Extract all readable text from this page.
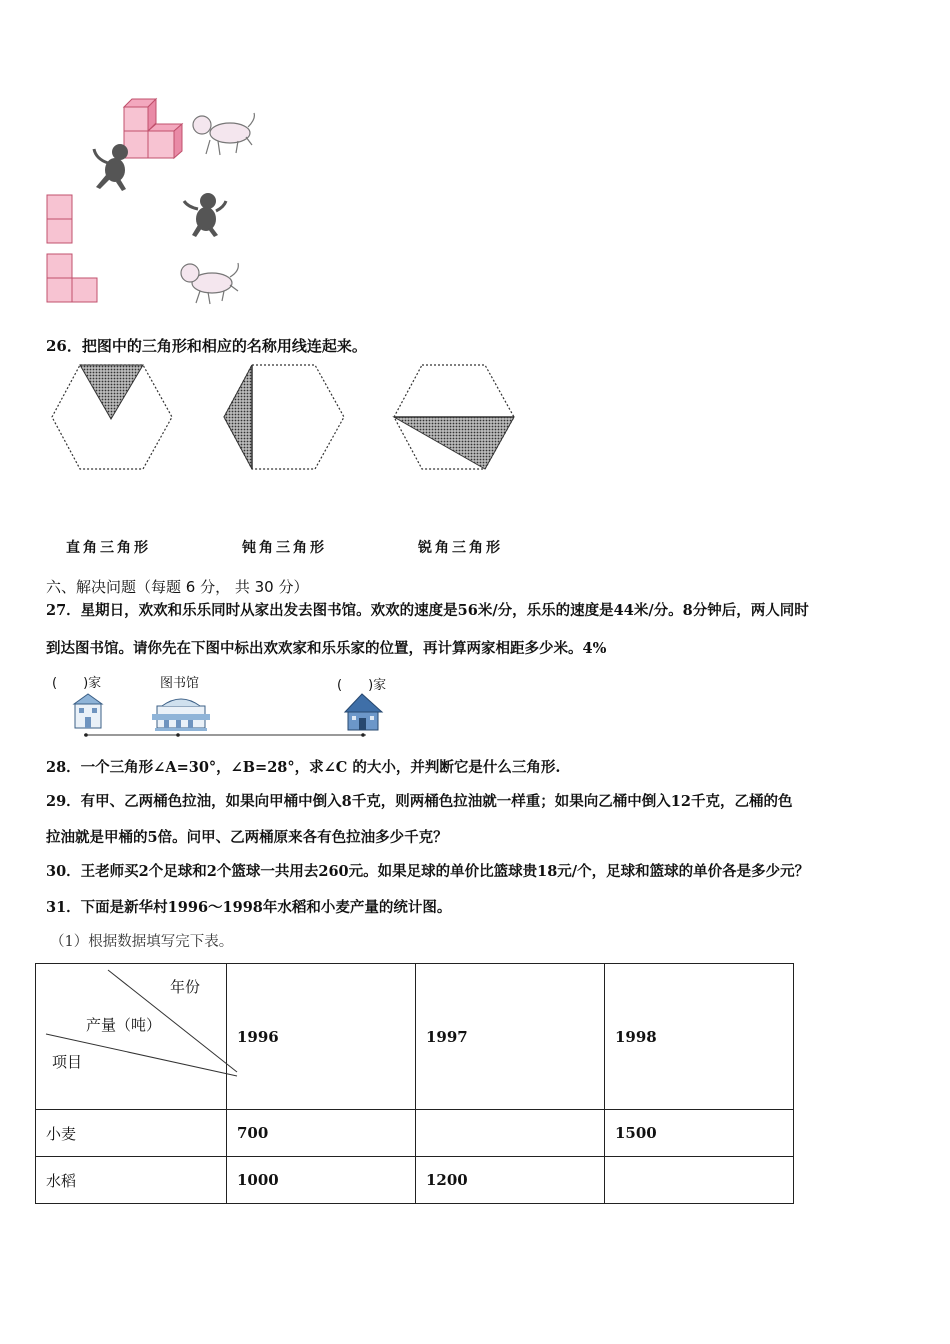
26．把图中的三角形和相应的名称用线连起来。
直角三角形	钝角三角形	锐角三角形
六、解决问题（每题 6 分， 共 30 分）
27．星期日，欢欢和乐乐同时从家出发去图书馆。欢欢的速度是56米/分，乐乐的速度是44米/分。8分钟后，两人同时
到达图书馆。请你先在下图中标出欢欢家和乐乐家的位置，再计算两家相距多少米。4%
(　　)家	图书馆	(　　)家
28．一个三角形∠A=30°，∠B=28°，求∠C 的大小，并判断它是什么三角形.
29．有甲、乙两桶色拉油，如果向甲桶中倒入8千克，则两桶色拉油就一样重；如果向乙桶中倒入12千克，乙桶的色
拉油就是甲桶的5倍。问甲、乙两桶原来各有色拉油多少千克？
30．王老师买2个足球和2个篮球一共用去260元。如果足球的单价比篮球贵18元/个，足球和篮球的单价各是多少元？
31．下面是新华村1996～1998年水稻和小麦产量的统计图。
（1）根据数据填写完下表。
年份
产量（吨）
项目	1996	1997	1998
小麦	700		1500
水稻	1000	1200	
